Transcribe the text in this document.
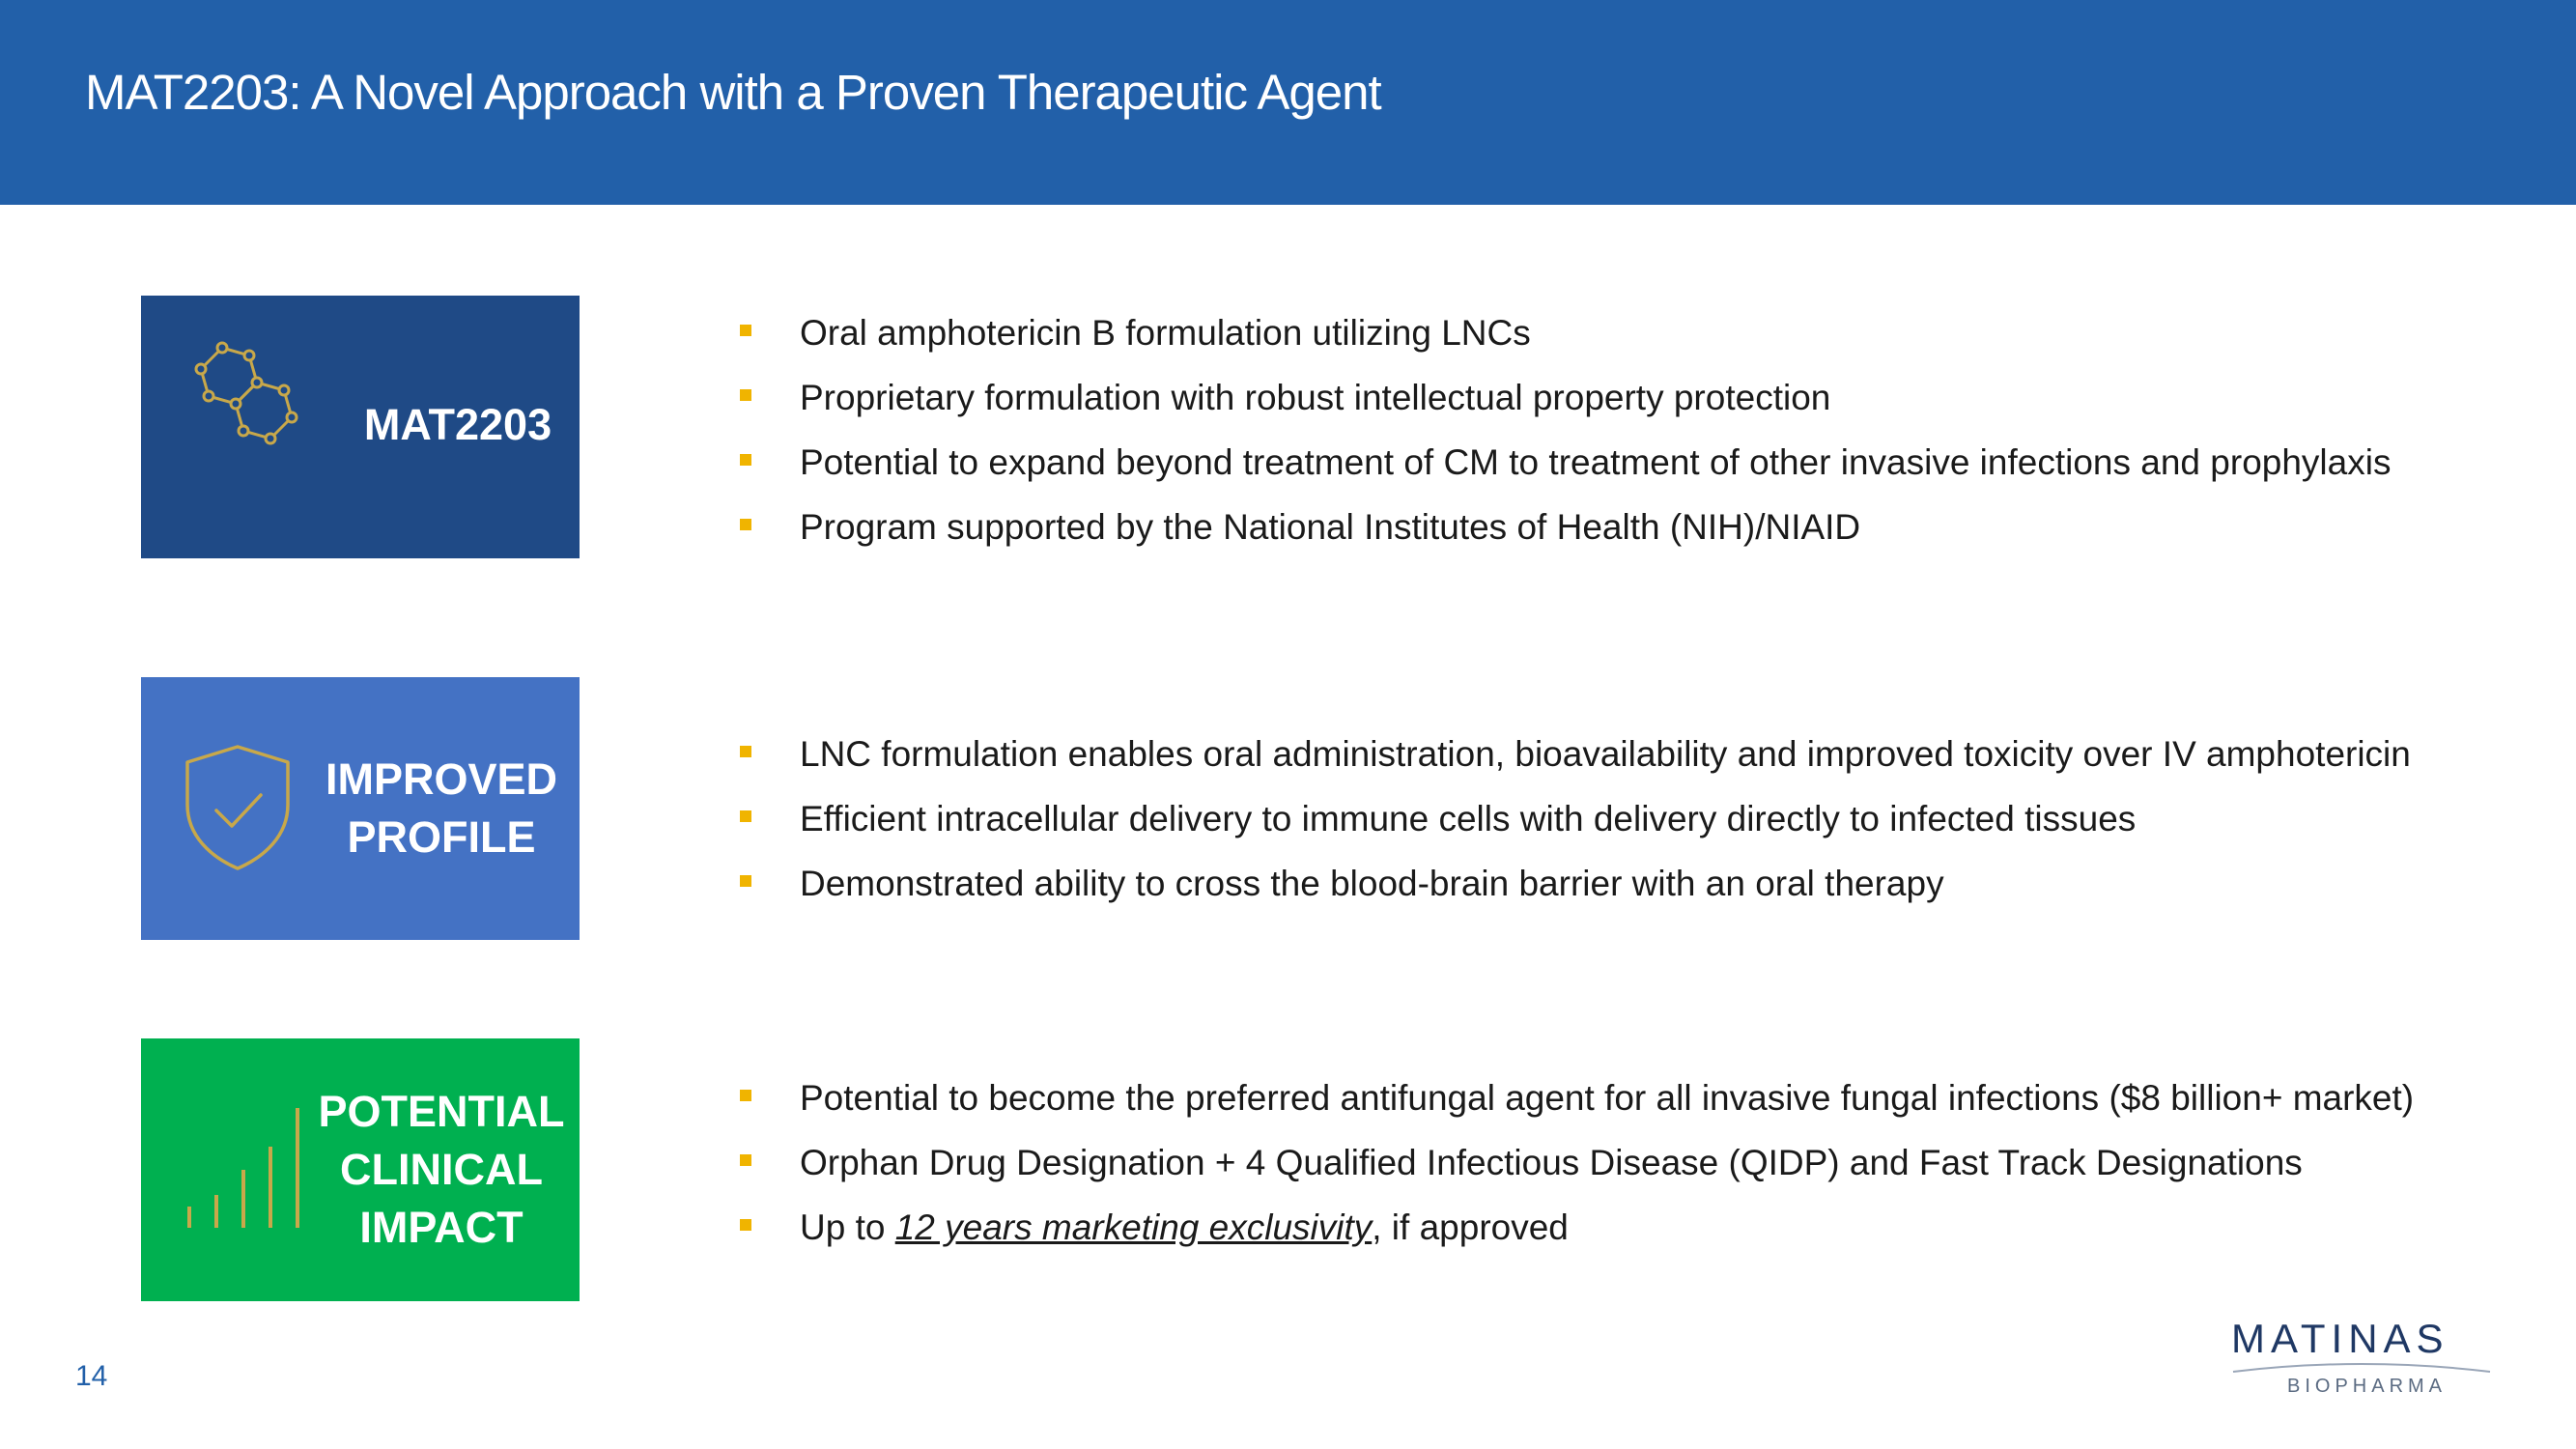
MAT2203: A Novel Approach with a Proven Therapeutic Agent
MAT2203
Oral amphotericin B formulation utilizing LNCs
Proprietary formulation with robust intellectual property protection
Potential to expand beyond treatment of CM to treatment of other invasive infections and prophylaxis
Program supported by the National Institutes of Health (NIH)/NIAID
IMPROVED
PROFILE
LNC formulation enables oral administration, bioavailability and improved toxicity over IV amphotericin
Efficient intracellular delivery to immune cells with delivery directly to infected tissues
Demonstrated ability to cross the blood-brain barrier with an oral therapy
POTENTIAL
CLINICAL
IMPACT
Potential to become the preferred antifungal agent for all invasive fungal infections ($8 billion+ market)
Orphan Drug Designation + 4 Qualified Infectious Disease (QIDP) and Fast Track Designations
Up to 12 years marketing exclusivity, if approved
14
MATINAS
BIOPHARMA
